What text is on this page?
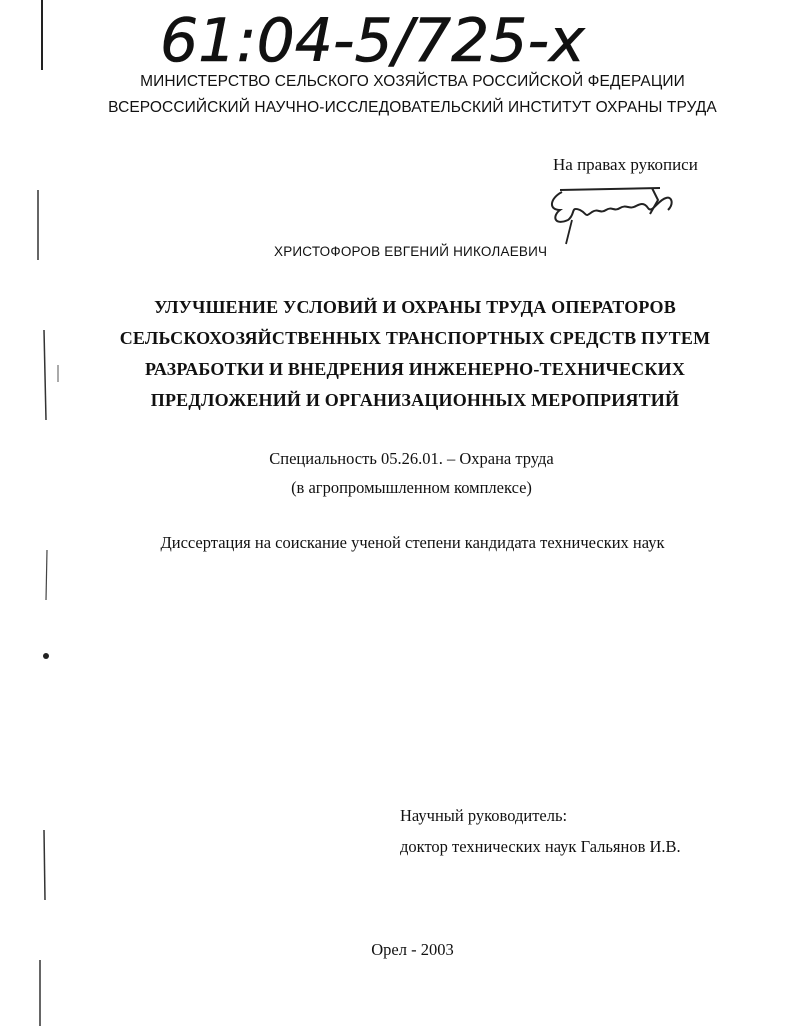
61:04-5/725-x
МИНИСТЕРСТВО СЕЛЬСКОГО ХОЗЯЙСТВА РОССИЙСКОЙ ФЕДЕРАЦИИ
ВСЕРОССИЙСКИЙ НАУЧНО-ИССЛЕДОВАТЕЛЬСКИЙ ИНСТИТУТ ОХРАНЫ ТРУДА
На правах рукописи
ХРИСТОФОРОВ ЕВГЕНИЙ НИКОЛАЕВИЧ
УЛУЧШЕНИЕ УСЛОВИЙ И ОХРАНЫ ТРУДА ОПЕРАТОРОВ
СЕЛЬСКОХОЗЯЙСТВЕННЫХ ТРАНСПОРТНЫХ СРЕДСТВ ПУТЕМ
РАЗРАБОТКИ И ВНЕДРЕНИЯ ИНЖЕНЕРНО-ТЕХНИЧЕСКИХ
ПРЕДЛОЖЕНИЙ И ОРГАНИЗАЦИОННЫХ МЕРОПРИЯТИЙ
Специальность 05.26.01. – Охрана труда
(в агропромышленном комплексе)
Диссертация на соискание ученой степени кандидата технических наук
Научный руководитель:
доктор технических наук Гальянов И.В.
Орел - 2003
